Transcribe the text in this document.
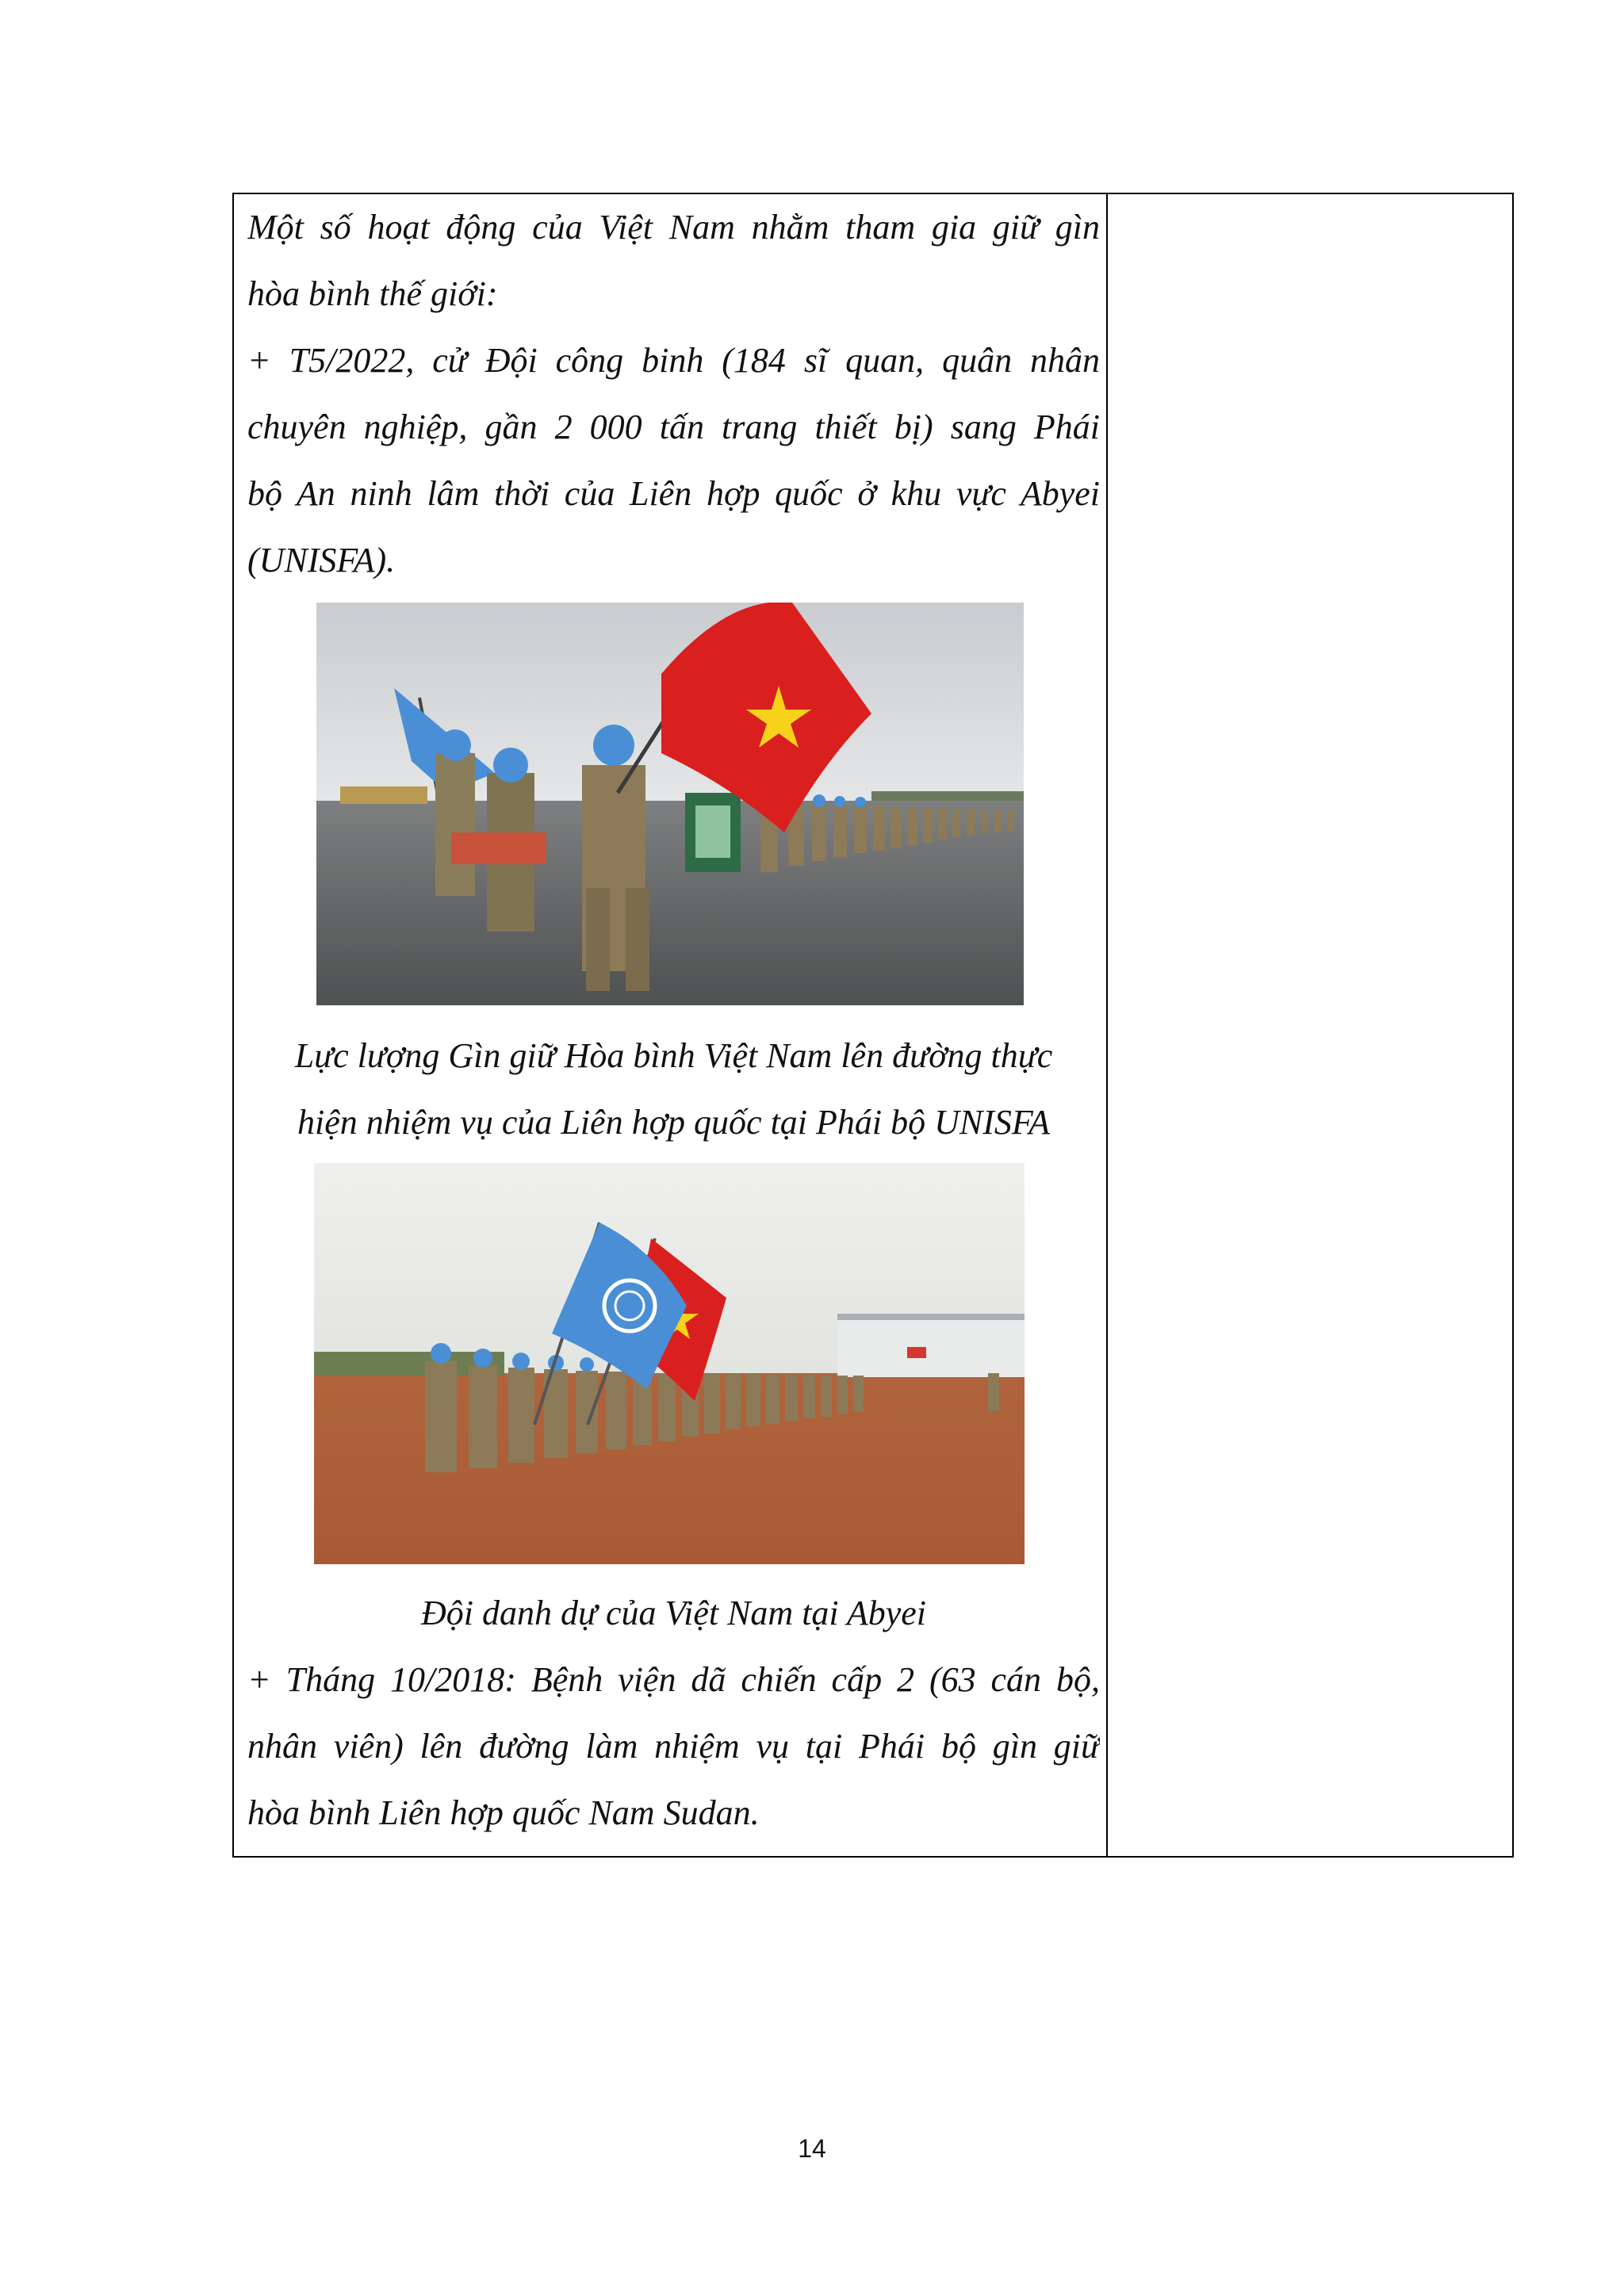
Một số hoạt động của Việt Nam nhằm tham gia giữ gìn
hòa bình thế giới:
+ T5/2022, cử Đội công binh (184 sĩ quan, quân nhân
chuyên nghiệp, gần 2 000 tấn trang thiết bị) sang Phái
bộ An ninh lâm thời của Liên hợp quốc ở khu vực Abyei
(UNISFA).
Lực lượng Gìn giữ Hòa bình Việt Nam lên đường thực
hiện nhiệm vụ của Liên hợp quốc tại Phái bộ UNISFA
Đội danh dự của Việt Nam tại Abyei
+ Tháng 10/2018: Bệnh viện dã chiến cấp 2 (63 cán bộ,
nhân viên) lên đường làm nhiệm vụ tại Phái bộ gìn giữ
hòa bình Liên hợp quốc Nam Sudan.
14
